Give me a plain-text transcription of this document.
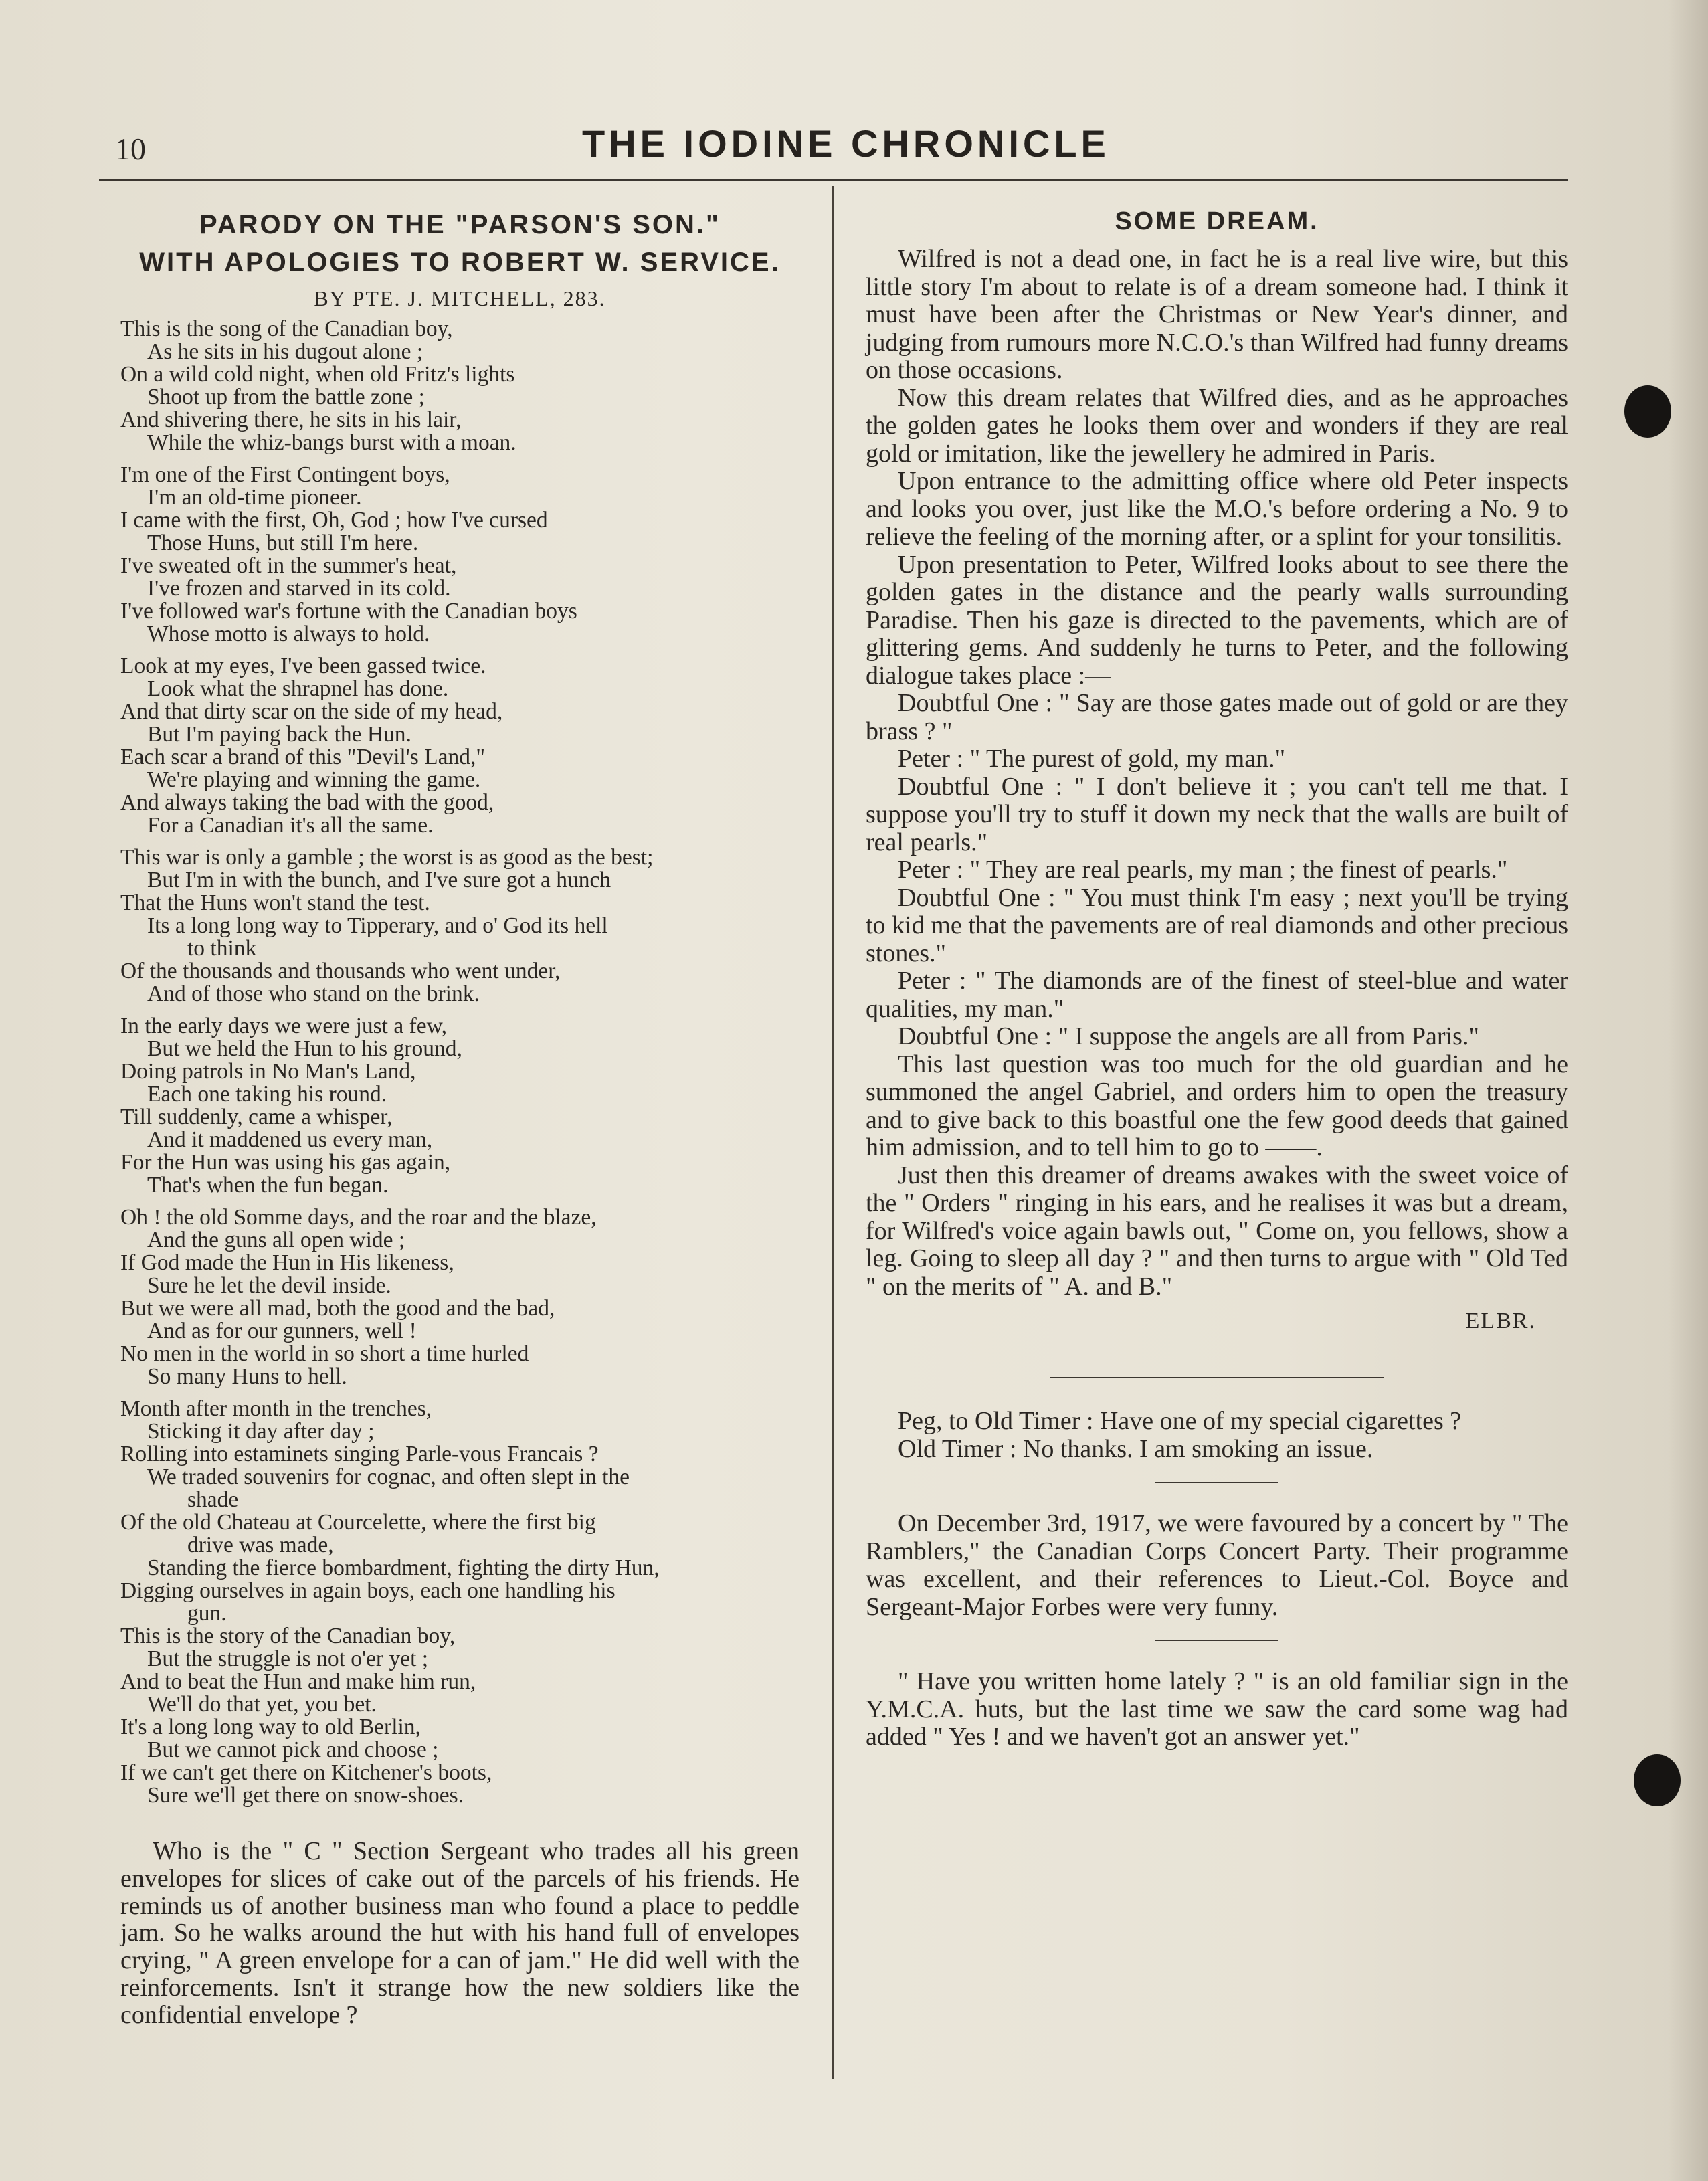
10	THE IODINE CHRONICLE
PARODY ON THE "PARSON'S SON."
WITH APOLOGIES TO ROBERT W. SERVICE.
BY PTE. J. MITCHELL, 283.
This is the song of the Canadian boy,
As he sits in his dugout alone ;
On a wild cold night, when old Fritz's lights
Shoot up from the battle zone ;
And shivering there, he sits in his lair,
While the whiz-bangs burst with a moan.
I'm one of the First Contingent boys,
I'm an old-time pioneer.
I came with the first, Oh, God ; how I've cursed
Those Huns, but still I'm here.
I've sweated oft in the summer's heat,
I've frozen and starved in its cold.
I've followed war's fortune with the Canadian boys
Whose motto is always to hold.
Look at my eyes, I've been gassed twice.
Look what the shrapnel has done.
And that dirty scar on the side of my head,
But I'm paying back the Hun.
Each scar a brand of this "Devil's Land,"
We're playing and winning the game.
And always taking the bad with the good,
For a Canadian it's all the same.
This war is only a gamble ; the worst is as good as the best;
But I'm in with the bunch, and I've sure got a hunch
That the Huns won't stand the test.
Its a long long way to Tipperary, and o' God its hell
to think
Of the thousands and thousands who went under,
And of those who stand on the brink.
In the early days we were just a few,
But we held the Hun to his ground,
Doing patrols in No Man's Land,
Each one taking his round.
Till suddenly, came a whisper,
And it maddened us every man,
For the Hun was using his gas again,
That's when the fun began.
Oh ! the old Somme days, and the roar and the blaze,
And the guns all open wide ;
If God made the Hun in His likeness,
Sure he let the devil inside.
But we were all mad, both the good and the bad,
And as for our gunners, well !
No men in the world in so short a time hurled
So many Huns to hell.
Month after month in the trenches,
Sticking it day after day ;
Rolling into estaminets singing Parle-vous Francais ?
We traded souvenirs for cognac, and often slept in the
shade
Of the old Chateau at Courcelette, where the first big
drive was made,
Standing the fierce bombardment, fighting the dirty Hun,
Digging ourselves in again boys, each one handling his
gun.
This is the story of the Canadian boy,
But the struggle is not o'er yet ;
And to beat the Hun and make him run,
We'll do that yet, you bet.
It's a long long way to old Berlin,
But we cannot pick and choose ;
If we can't get there on Kitchener's boots,
Sure we'll get there on snow-shoes.

Who is the " C " Section Sergeant who trades all his green envelopes for slices of cake out of the parcels of his friends. He reminds us of another business man who found a place to peddle jam. So he walks around the hut with his hand full of envelopes crying, " A green envelope for a can of jam." He did well with the reinforcements. Isn't it strange how the new soldiers like the confidential envelope ?

SOME DREAM.

Wilfred is not a dead one, in fact he is a real live wire, but this little story I'm about to relate is of a dream someone had. I think it must have been after the Christmas or New Year's dinner, and judging from rumours more N.C.O.'s than Wilfred had funny dreams on those occasions.

Now this dream relates that Wilfred dies, and as he approaches the golden gates he looks them over and wonders if they are real gold or imitation, like the jewellery he admired in Paris.

Upon entrance to the admitting office where old Peter inspects and looks you over, just like the M.O.'s before ordering a No. 9 to relieve the feeling of the morning after, or a splint for your tonsilitis.

Upon presentation to Peter, Wilfred looks about to see there the golden gates in the distance and the pearly walls surrounding Paradise. Then his gaze is directed to the pavements, which are of glittering gems. And suddenly he turns to Peter, and the following dialogue takes place :—

Doubtful One : " Say are those gates made out of gold or are they brass ? "

Peter : " The purest of gold, my man."

Doubtful One : " I don't believe it ; you can't tell me that. I suppose you'll try to stuff it down my neck that the walls are built of real pearls."

Peter : " They are real pearls, my man ; the finest of pearls."

Doubtful One : " You must think I'm easy ; next you'll be trying to kid me that the pavements are of real diamonds and other precious stones."

Peter : " The diamonds are of the finest of steel-blue and water qualities, my man."

Doubtful One : " I suppose the angels are all from Paris."

This last question was too much for the old guardian and he summoned the angel Gabriel, and orders him to open the treasury and to give back to this boastful one the few good deeds that gained him admission, and to tell him to go to ——.

Just then this dreamer of dreams awakes with the sweet voice of the " Orders " ringing in his ears, and he realises it was but a dream, for Wilfred's voice again bawls out, " Come on, you fellows, show a leg. Going to sleep all day ? " and then turns to argue with " Old Ted " on the merits of " A. and B."

ELBR.

Peg, to Old Timer : Have one of my special cigarettes ?

Old Timer : No thanks. I am smoking an issue.

On December 3rd, 1917, we were favoured by a concert by " The Ramblers," the Canadian Corps Concert Party. Their programme was excellent, and their references to Lieut.-Col. Boyce and Sergeant-Major Forbes were very funny.

" Have you written home lately ? " is an old familiar sign in the Y.M.C.A. huts, but the last time we saw the card some wag had added " Yes ! and we haven't got an answer yet."
